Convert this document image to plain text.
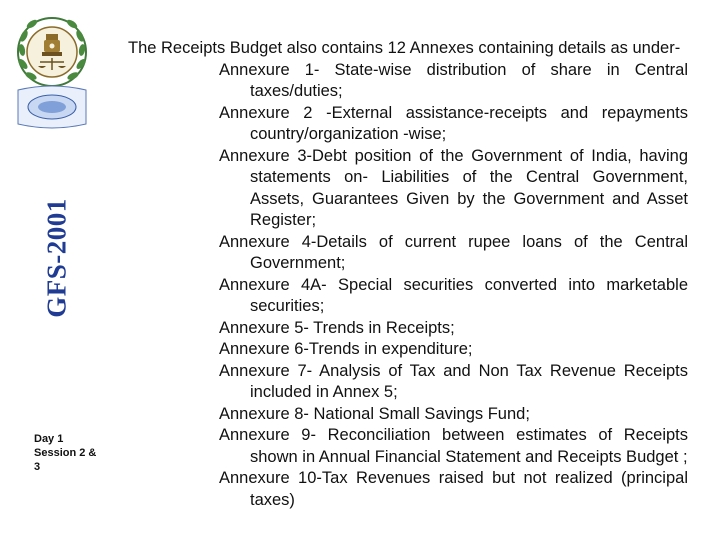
GFS-2001
Day 1
Session 2 &
3
The Receipts Budget also contains 12 Annexes containing details as under-
Annexure 1- State-wise distribution of share in Central taxes/duties;
Annexure 2 -External assistance-receipts and repayments country/organization -wise;
Annexure 3-Debt position of the Government of India, having statements on- Liabilities of the Central Government, Assets, Guarantees Given by the Government and Asset Register;
Annexure 4-Details of current rupee loans of the Central Government;
Annexure 4A- Special securities converted into marketable securities;
Annexure 5- Trends in Receipts;
Annexure 6-Trends in expenditure;
Annexure 7- Analysis of Tax and Non Tax Revenue Receipts included in Annex 5;
Annexure 8- National Small Savings Fund;
Annexure 9- Reconciliation between estimates of Receipts shown in Annual Financial Statement and Receipts Budget ;
Annexure 10-Tax Revenues raised but not realized (principal taxes)
